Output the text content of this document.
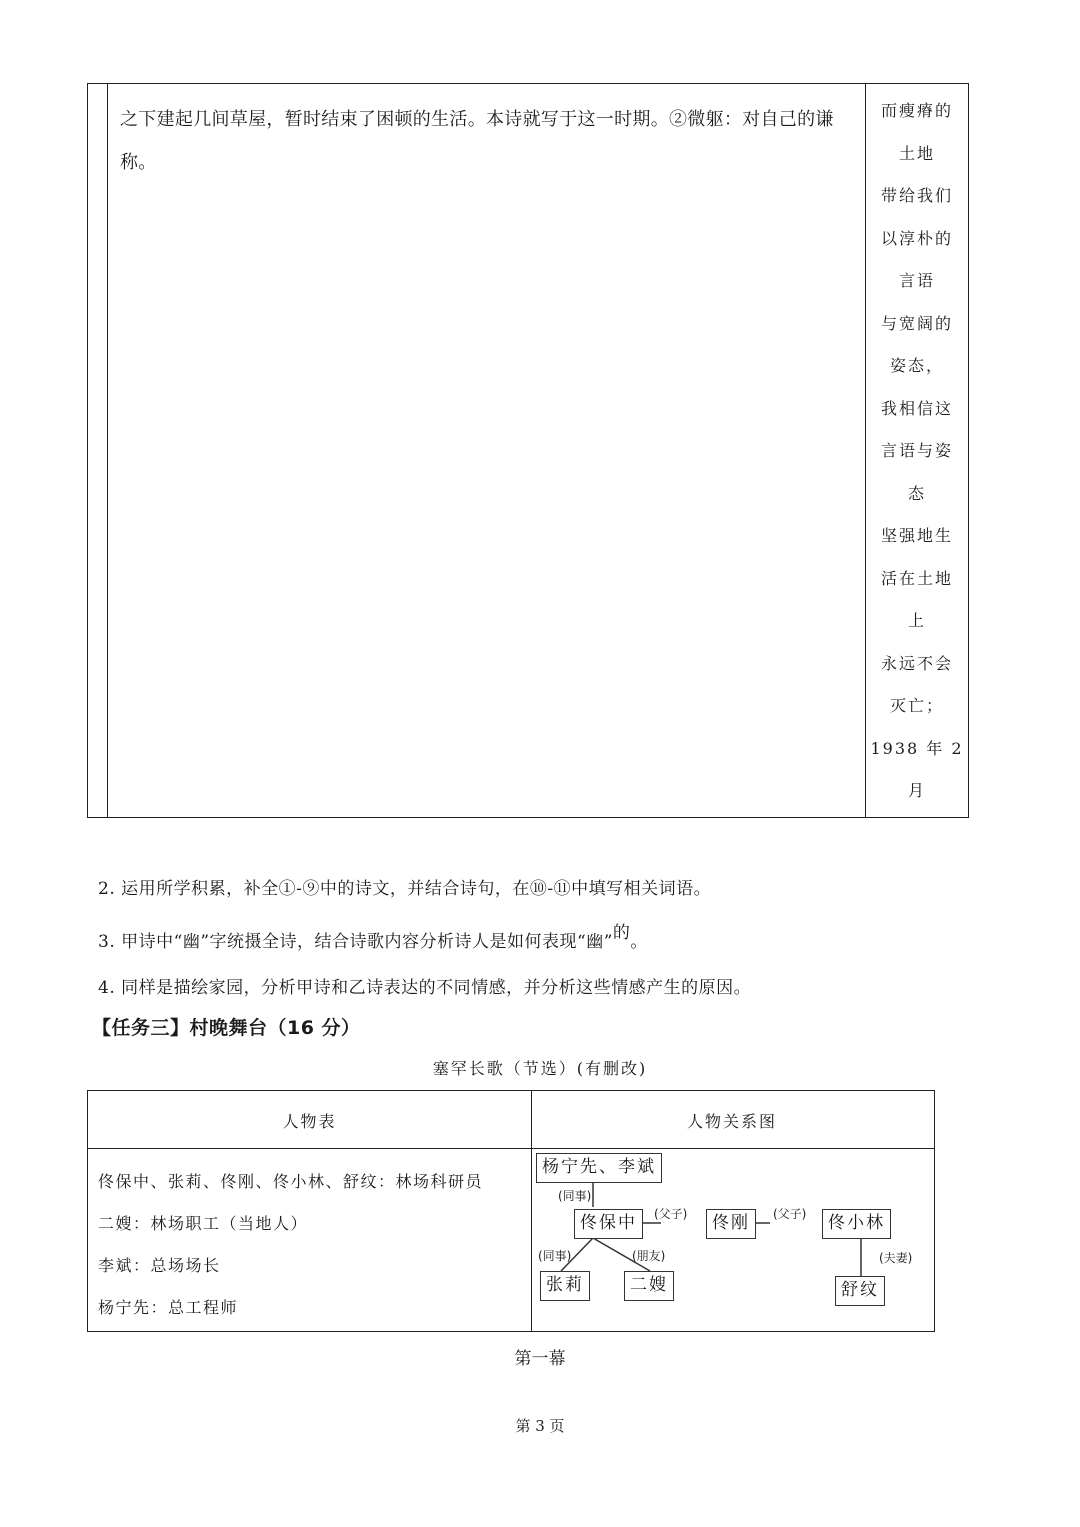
之下建起几间草屋，暂时结束了困顿的生活。本诗就写于这一时期。②微躯：对自己的谦称。
而瘦瘠的
土地
带给我们
以淳朴的
言语
与宽阔的
姿态，
我相信这
言语与姿
态
坚强地生
活在土地
上
永远不会
灭亡；
1938 年 2
月
2. 运用所学积累，补全①-⑨中的诗文，并结合诗句，在⑩-⑪中填写相关词语。
3. 甲诗中“幽”字统摄全诗，结合诗歌内容分析诗人是如何表现“幽”的。
4. 同样是描绘家园，分析甲诗和乙诗表达的不同情感，并分析这些情感产生的原因。
【任务三】村晚舞台（16 分）
塞罕长歌（节选）(有删改)
人物表	人物关系图
佟保中、张莉、佟刚、佟小林、舒纹：林场科研员
二嫂：林场职工（当地人）
李斌：总场场长
杨宁先：总工程师
杨宁先、李斌
(同事)
佟保中	(父子)	佟刚	(父子)	佟小林
(同事)	(朋友)	(夫妻)
张莉	二嫂	舒纹
第一幕
第 3 页
